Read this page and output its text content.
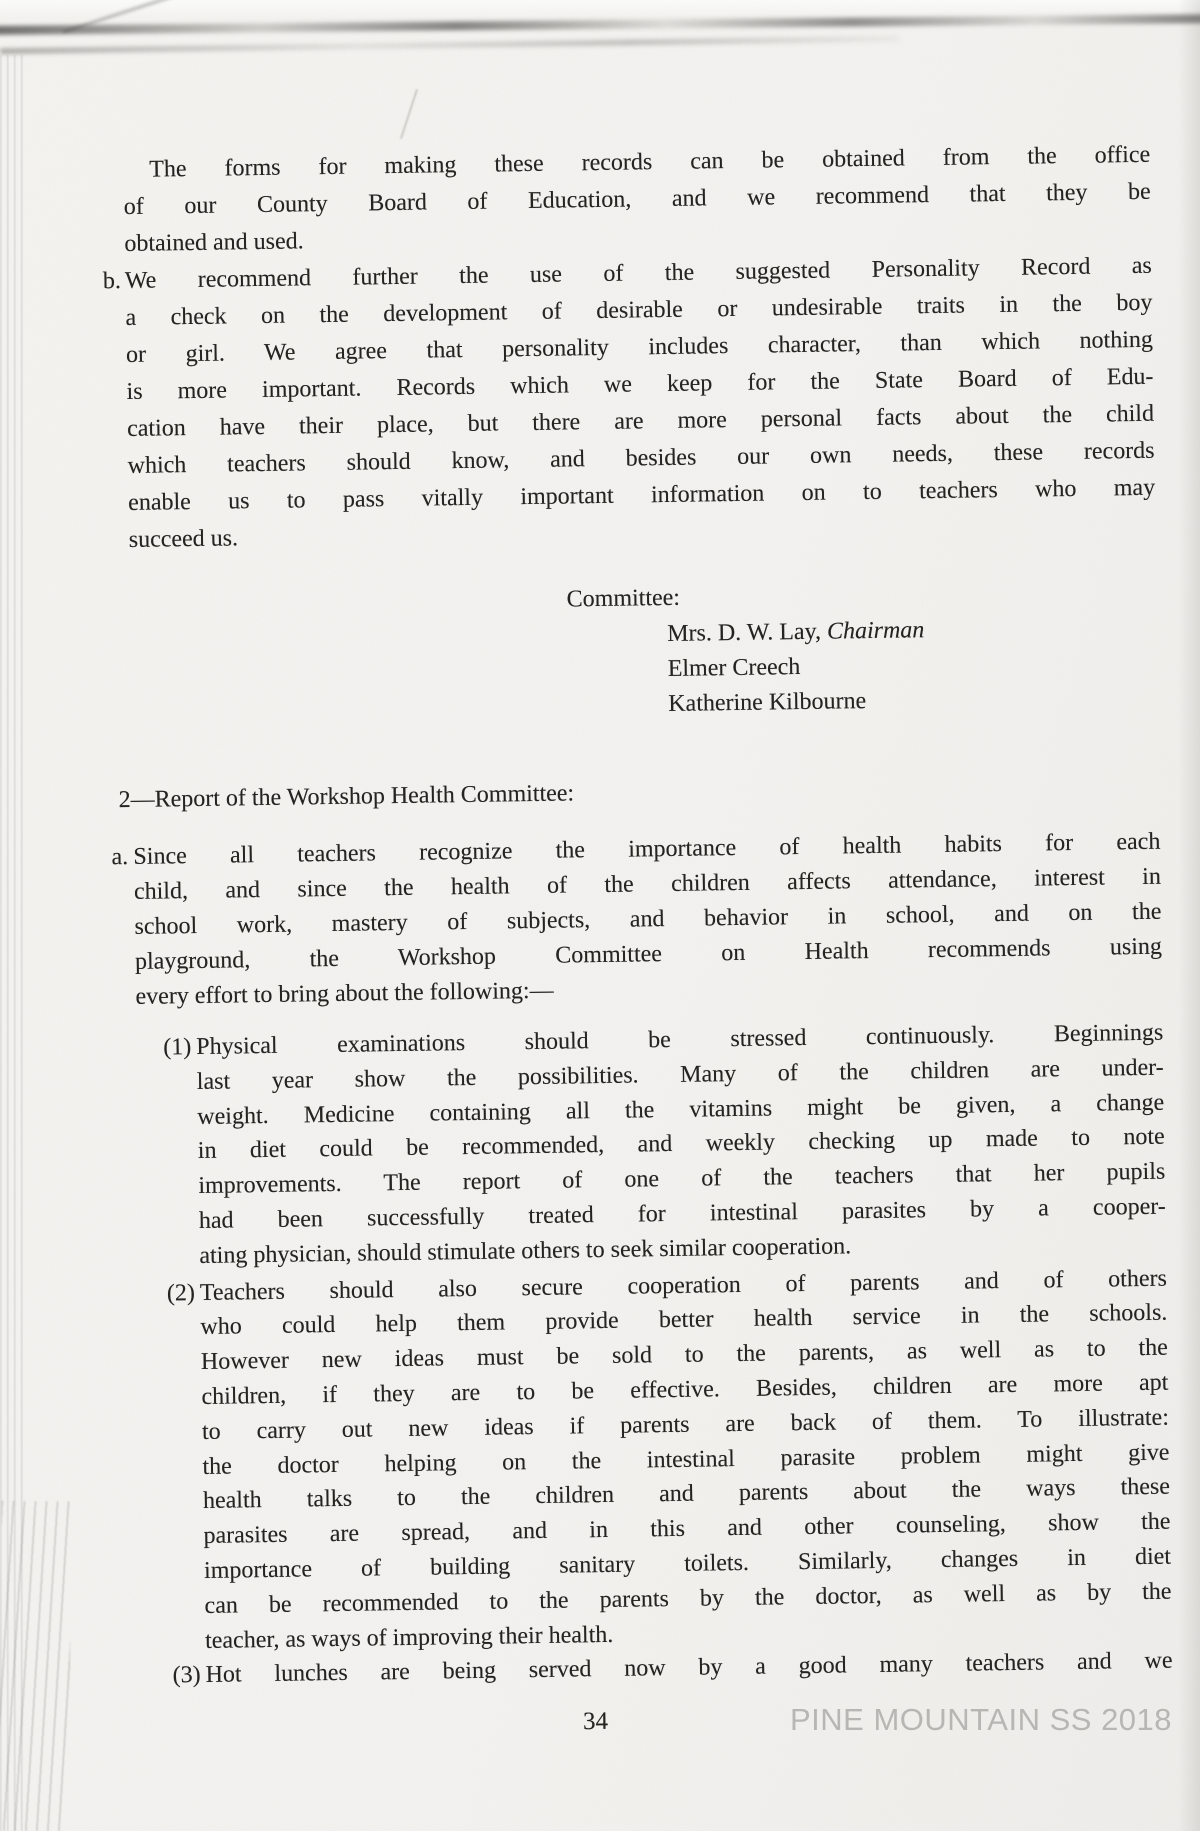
The forms for making these records can be obtained from the office
of our County Board of Education, and we recommend that they be
obtained and used.
b. We recommend further the use of the suggested Personality Record as
a check on the development of desirable or undesirable traits in the boy
or girl. We agree that personality includes character, than which nothing
is more important. Records which we keep for the State Board of Edu-
cation have their place, but there are more personal facts about the child
which teachers should know, and besides our own needs, these records
enable us to pass vitally important information on to teachers who may
succeed us.
Committee:
Mrs. D. W. Lay, Chairman
Elmer Creech
Katherine Kilbourne
2—Report of the Workshop Health Committee:
a. Since all teachers recognize the importance of health habits for each
child, and since the health of the children affects attendance, interest in
school work, mastery of subjects, and behavior in school, and on the
playground, the Workshop Committee on Health recommends using
every effort to bring about the following:—
(1) Physical examinations should be stressed continuously. Beginnings
last year show the possibilities. Many of the children are under-
weight. Medicine containing all the vitamins might be given, a change
in diet could be recommended, and weekly checking up made to note
improvements. The report of one of the teachers that her pupils
had been successfully treated for intestinal parasites by a cooper-
ating physician, should stimulate others to seek similar cooperation.
(2) Teachers should also secure cooperation of parents and of others
who could help them provide better health service in the schools.
However new ideas must be sold to the parents, as well as to the
children, if they are to be effective. Besides, children are more apt
to carry out new ideas if parents are back of them. To illustrate:
the doctor helping on the intestinal parasite problem might give
health talks to the children and parents about the ways these
parasites are spread, and in this and other counseling, show the
importance of building sanitary toilets. Similarly, changes in diet
can be recommended to the parents by the doctor, as well as by the
teacher, as ways of improving their health.
(3) Hot lunches are being served now by a good many teachers and we
34	PINE MOUNTAIN SS 2018
